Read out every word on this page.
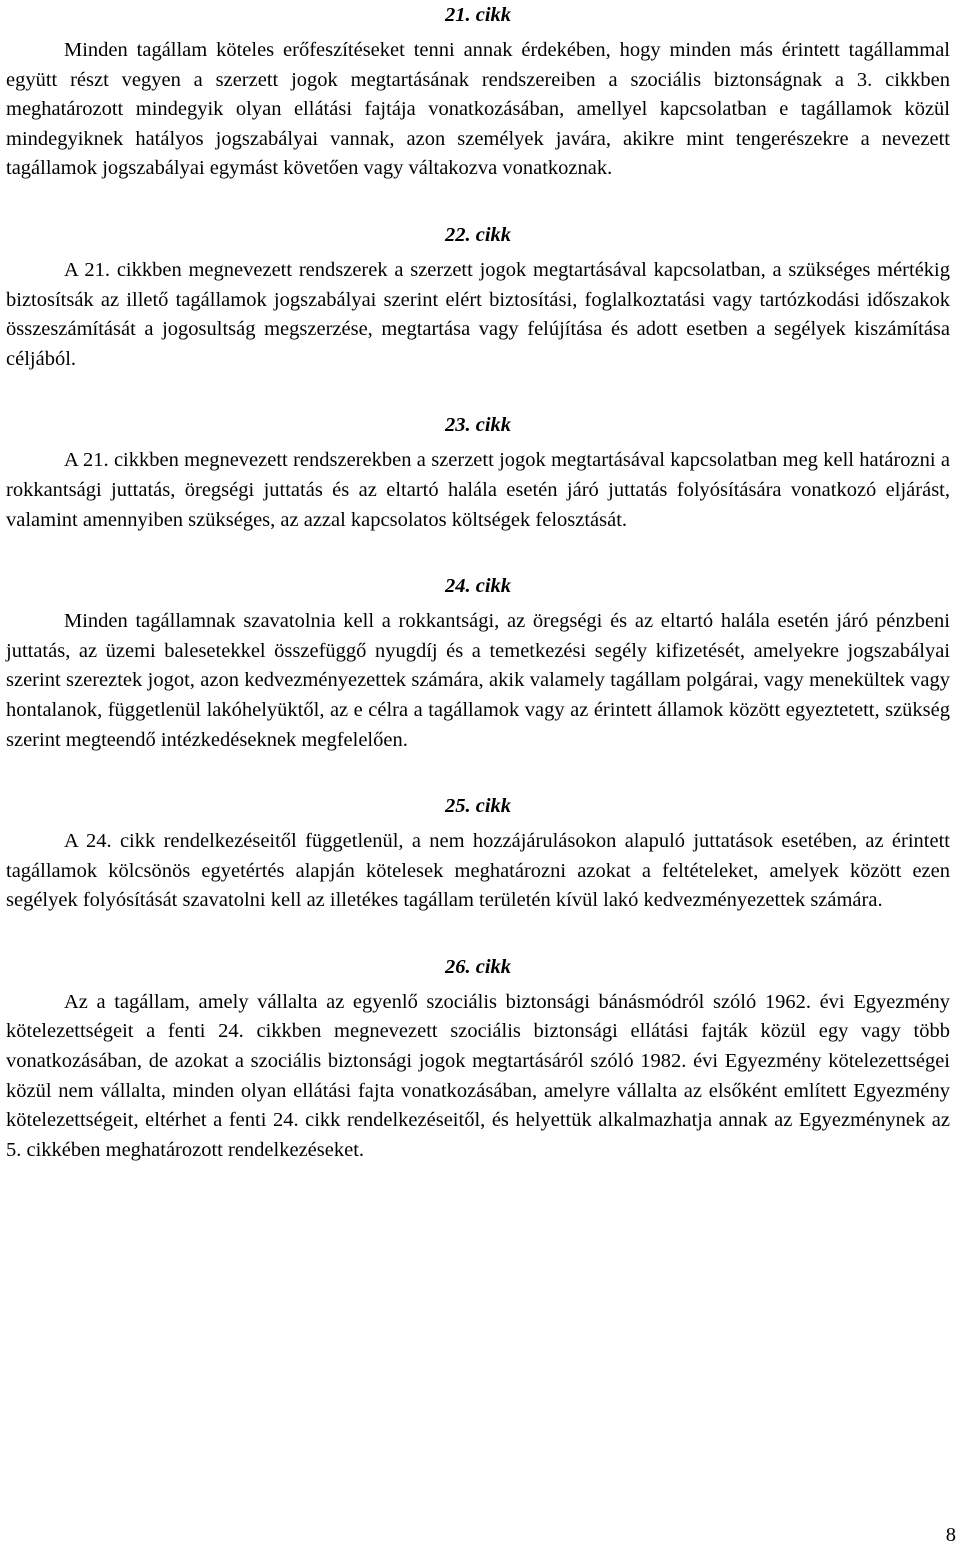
21. cikk

Minden tagállam köteles erőfeszítéseket tenni annak érdekében, hogy minden más érintett tagállammal együtt részt vegyen a szerzett jogok megtartásának rendszereiben a szociális biztonságnak a 3. cikkben meghatározott mindegyik olyan ellátási fajtája vonatkozásában, amellyel kapcsolatban e tagállamok közül mindegyiknek hatályos jogszabályai vannak, azon személyek javára, akikre mint tengerészekre a nevezett tagállamok jogszabályai egymást követően vagy váltakozva vonatkoznak.

22. cikk

A 21. cikkben megnevezett rendszerek a szerzett jogok megtartásával kapcsolatban, a szükséges mértékig biztosítsák az illető tagállamok jogszabályai szerint elért biztosítási, foglalkoztatási vagy tartózkodási időszakok összeszámítását a jogosultság megszerzése, megtartása vagy felújítása és adott esetben a segélyek kiszámítása céljából.

23. cikk

A 21. cikkben megnevezett rendszerekben a szerzett jogok megtartásával kapcsolatban meg kell határozni a rokkantsági juttatás, öregségi juttatás és az eltartó halála esetén járó juttatás folyósítására vonatkozó eljárást, valamint amennyiben szükséges, az azzal kapcsolatos költségek felosztását.

24. cikk

Minden tagállamnak szavatolnia kell a rokkantsági, az öregségi és az eltartó halála esetén járó pénzbeni juttatás, az üzemi balesetekkel összefüggő nyugdíj és a temetkezési segély kifizetését, amelyekre jogszabályai szerint szereztek jogot, azon kedvezményezettek számára, akik valamely tagállam polgárai, vagy menekültek vagy hontalanok, függetlenül lakóhelyüktől, az e célra a tagállamok vagy az érintett államok között egyeztetett, szükség szerint megteendő intézkedéseknek megfelelően.

25. cikk

A 24. cikk rendelkezéseitől függetlenül, a nem hozzájárulásokon alapuló juttatások esetében, az érintett tagállamok kölcsönös egyetértés alapján kötelesek meghatározni azokat a feltételeket, amelyek között ezen segélyek folyósítását szavatolni kell az illetékes tagállam területén kívül lakó kedvezményezettek számára.

26. cikk

Az a tagállam, amely vállalta az egyenlő szociális biztonsági bánásmódról szóló 1962. évi Egyezmény kötelezettségeit a fenti 24. cikkben megnevezett szociális biztonsági ellátási fajták közül egy vagy több vonatkozásában, de azokat a szociális biztonsági jogok megtartásáról szóló 1982. évi Egyezmény kötelezettségei közül nem vállalta, minden olyan ellátási fajta vonatkozásában, amelyre vállalta az elsőként említett Egyezmény kötelezettségeit, eltérhet a fenti 24. cikk rendelkezéseitől, és helyettük alkalmazhatja annak az Egyezménynek az 5. cikkében meghatározott rendelkezéseket.

8
